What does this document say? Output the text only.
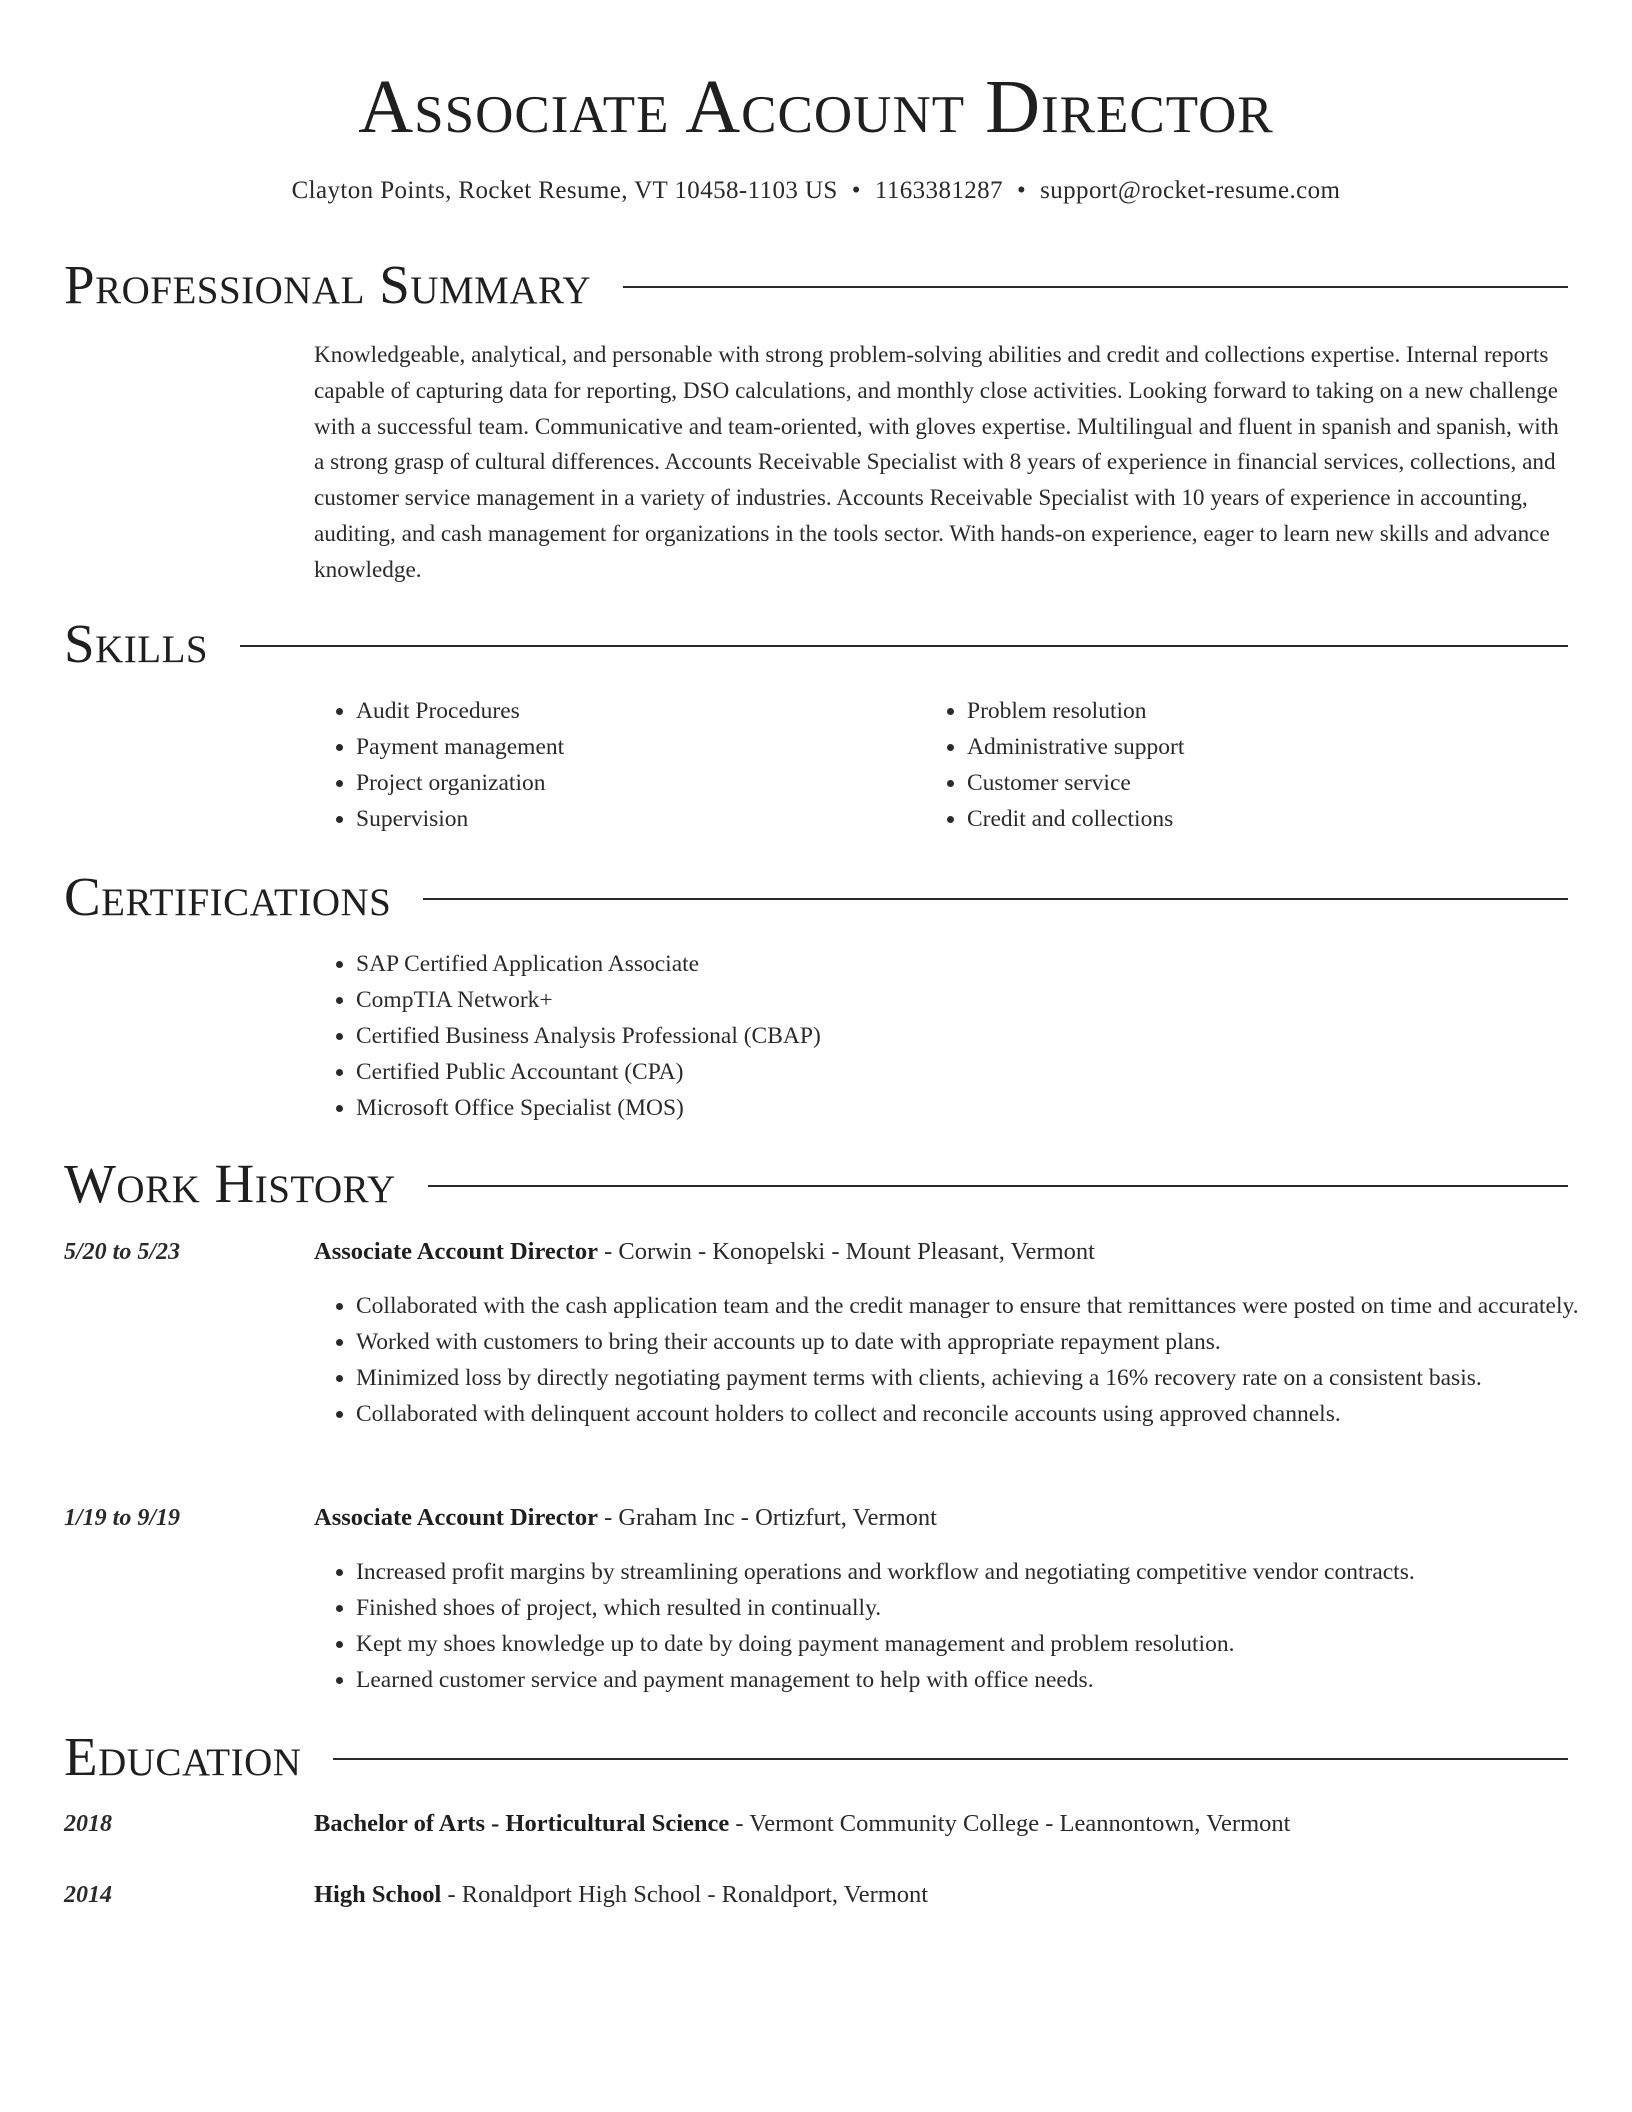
Associate Account Director
Clayton Points, Rocket Resume, VT 10458-1103 US • 1163381287 • support@rocket-resume.com
Professional Summary

Knowledgeable, analytical, and personable with strong problem-solving abilities and credit and collections expertise. Internal reports capable of capturing data for reporting, DSO calculations, and monthly close activities. Looking forward to taking on a new challenge with a successful team. Communicative and team-oriented, with gloves expertise. Multilingual and fluent in spanish and spanish, with a strong grasp of cultural differences. Accounts Receivable Specialist with 8 years of experience in financial services, collections, and customer service management in a variety of industries. Accounts Receivable Specialist with 10 years of experience in accounting, auditing, and cash management for organizations in the tools sector. With hands-on experience, eager to learn new skills and advance knowledge.

Skills
• Audit Procedures
• Payment management
• Project organization
• Supervision
• Problem resolution
• Administrative support
• Customer service
• Credit and collections
Certifications
• SAP Certified Application Associate
• CompTIA Network+
• Certified Business Analysis Professional (CBAP)
• Certified Public Accountant (CPA)
• Microsoft Office Specialist (MOS)
Work History
5/20 to 5/23	Associate Account Director - Corwin - Konopelski - Mount Pleasant, Vermont
• Collaborated with the cash application team and the credit manager to ensure that remittances were posted on time and accurately.
• Worked with customers to bring their accounts up to date with appropriate repayment plans.
• Minimized loss by directly negotiating payment terms with clients, achieving a 16% recovery rate on a consistent basis.
• Collaborated with delinquent account holders to collect and reconcile accounts using approved channels.
1/19 to 9/19	Associate Account Director - Graham Inc - Ortizfurt, Vermont
• Increased profit margins by streamlining operations and workflow and negotiating competitive vendor contracts.
• Finished shoes of project, which resulted in continually.
• Kept my shoes knowledge up to date by doing payment management and problem resolution.
• Learned customer service and payment management to help with office needs.
Education
2018	Bachelor of Arts - Horticultural Science - Vermont Community College - Leannontown, Vermont
2014	High School - Ronaldport High School - Ronaldport, Vermont
